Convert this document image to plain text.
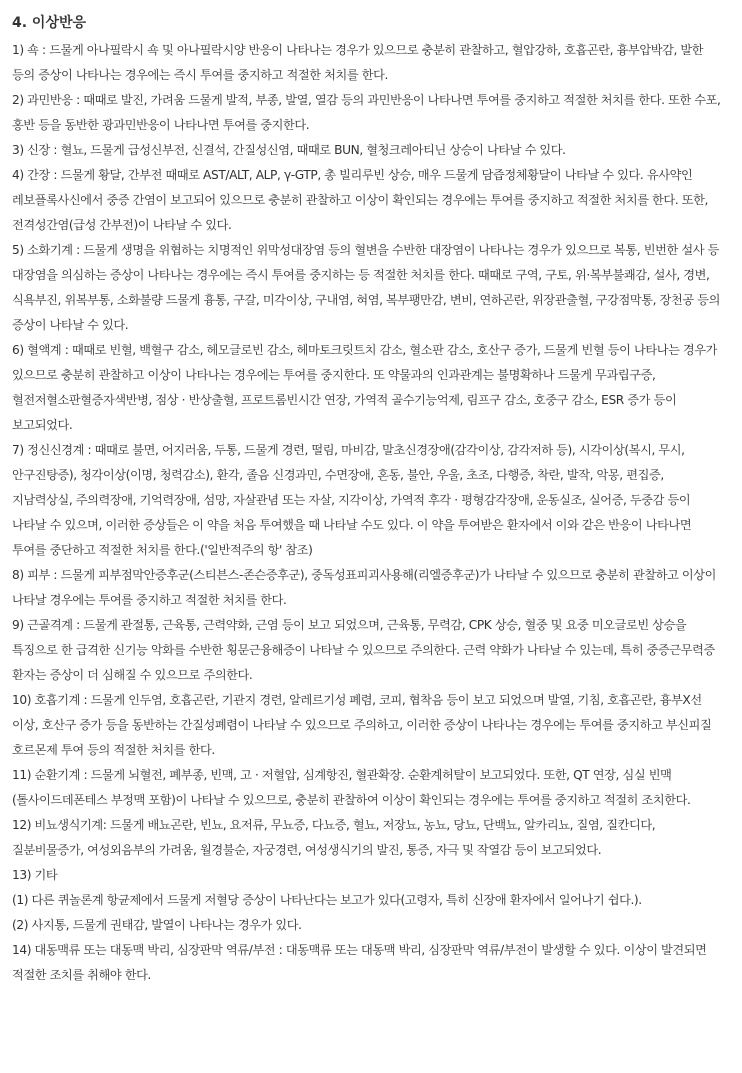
4. 이상반응

1) 쇽 : 드물게 아나필락시 쇽 및 아나필락시양 반응이 나타나는 경우가 있으므로 충분히 관찰하고, 혈압강하, 호흡곤란, 흉부압박감, 발한 등의 증상이 나타나는 경우에는 즉시 투여를 중지하고 적절한 처치를 한다.

2) 과민반응 : 때때로 발진, 가려움 드물게 발적, 부종, 발열, 열감 등의 과민반응이 나타나면 투여를 중지하고 적절한 처치를 한다. 또한 수포, 홍반 등을 동반한 광과민반응이 나타나면 투여를 중지한다.

3) 신장 : 혈뇨, 드물게 급성신부전, 신결석, 간질성신염, 때때로 BUN, 혈청크레아티닌 상승이 나타날 수 있다.

4) 간장 : 드물게 황달, 간부전 때때로 AST/ALT, ALP, γ-GTP, 총 빌리루빈 상승, 매우 드물게 담즙정체황달이 나타날 수 있다. 유사약인 레보플록사신에서 중증 간염이 보고되어 있으므로 충분히 관찰하고 이상이 확인되는 경우에는 투여를 중지하고 적절한 처치를 한다. 또한, 전격성간염(급성 간부전)이 나타날 수 있다.

5) 소화기계 : 드물게 생명을 위협하는 치명적인 위막성대장염 등의 혈변을 수반한 대장염이 나타나는 경우가 있으므로 복통, 빈번한 설사 등 대장염을 의심하는 증상이 나타나는 경우에는 즉시 투여를 중지하는 등 적절한 처치를 한다. 때때로 구역, 구토, 위·복부불쾌감, 설사, 경변, 식욕부진, 위복부통, 소화불량 드물게 흉통, 구갈, 미각이상, 구내염, 혀염, 복부팽만감, 변비, 연하곤란, 위장관출혈, 구강점막통, 장천공 등의 증상이 나타날 수 있다.

6) 혈액계 : 때때로 빈혈, 백혈구 감소, 헤모글로빈 감소, 헤마토크릿트치 감소, 혈소판 감소, 호산구 증가, 드물게 빈혈 등이 나타나는 경우가 있으므로 충분히 관찰하고 이상이 나타나는 경우에는 투여를 중지한다. 또 약물과의 인과관계는 불명확하나 드물게 무과립구증, 혈전저혈소판혈증자색반병, 점상 · 반상출혈, 프로트롬빈시간 연장, 가역적 골수기능억제, 림프구 감소, 호중구 감소, ESR 증가 등이 보고되었다.

7) 정신신경계 : 때때로 불면, 어지러움, 두통, 드물게 경련, 떨림, 마비감, 말초신경장애(감각이상, 감각저하 등), 시각이상(복시, 무시, 안구진탕증), 청각이상(이명, 청력감소), 환각, 졸음 신경과민, 수면장애, 혼동, 불안, 우울, 초조, 다행증, 착란, 발작, 악몽, 편집증, 지남력상실, 주의력장애, 기억력장애, 섬망, 자살관념 또는 자살, 지각이상, 가역적 후각 · 평형감각장애, 운동실조, 실어증, 두중감 등이 나타날 수 있으며, 이러한 증상들은 이 약을 처음 투여했을 때 나타날 수도 있다. 이 약을 투여받은 환자에서 이와 같은 반응이 나타나면 투여를 중단하고 적절한 처치를 한다.('일반적주의 항' 참조)

8) 피부 : 드물게 피부점막안증후군(스티븐스-존슨증후군), 중독성표피괴사용해(리엘증후군)가 나타날 수 있으므로 충분히 관찰하고 이상이 나타날 경우에는 투여를 중지하고 적절한 처치를 한다.

9) 근골격계 : 드물게 관절통, 근육통, 근력약화, 근염 등이 보고 되었으며, 근육통, 무력감, CPK 상승, 혈중 및 요중 미오글로빈 상승을 특징으로 한 급격한 신기능 악화를 수반한 횡문근융해증이 나타날 수 있으므로 주의한다. 근력 약화가 나타날 수 있는데, 특히 중증근무력증 환자는 증상이 더 심해질 수 있으므로 주의한다.

10) 호흡기계 : 드물게 인두염, 호흡곤란, 기관지 경련, 알레르기성 폐렴, 코피, 협착음 등이 보고 되었으며 발열, 기침, 호흡곤란, 흉부X선 이상, 호산구 증가 등을 동반하는 간질성폐렴이 나타날 수 있으므로 주의하고, 이러한 증상이 나타나는 경우에는 투여를 중지하고 부신피질 호르몬제 투여 등의 적절한 처치를 한다.

11) 순환기계 : 드물게 뇌혈전, 폐부종, 빈맥, 고 · 저혈압, 심계항진, 혈관확장. 순환계허탈이 보고되었다. 또한, QT 연장, 심실 빈맥(톨사이드데폰테스 부정맥 포함)이 나타날 수 있으므로, 충분히 관찰하여 이상이 확인되는 경우에는 투여를 중지하고 적절히 조치한다.

12) 비뇨생식기계: 드물게 배뇨곤란, 빈뇨, 요저류, 무뇨증, 다뇨증, 혈뇨, 저장뇨, 농뇨, 당뇨, 단백뇨, 알카리뇨, 질염, 질칸디다, 질분비물증가, 여성외음부의 가려움, 월경불순, 자궁경련, 여성생식기의 발진, 통증, 자극 및 작열감 등이 보고되었다.

13) 기타

(1) 다른 퀴놀론계 항균제에서 드물게 저혈당 증상이 나타난다는 보고가 있다(고령자, 특히 신장애 환자에서 일어나기 쉽다.).

(2) 사지통, 드물게 권태감, 발열이 나타나는 경우가 있다.

14) 대동맥류 또는 대동맥 박리, 심장판막 역류/부전 : 대동맥류 또는 대동맥 박리, 심장판막 역류/부전이 발생할 수 있다. 이상이 발견되면 적절한 조치를 취해야 한다.
